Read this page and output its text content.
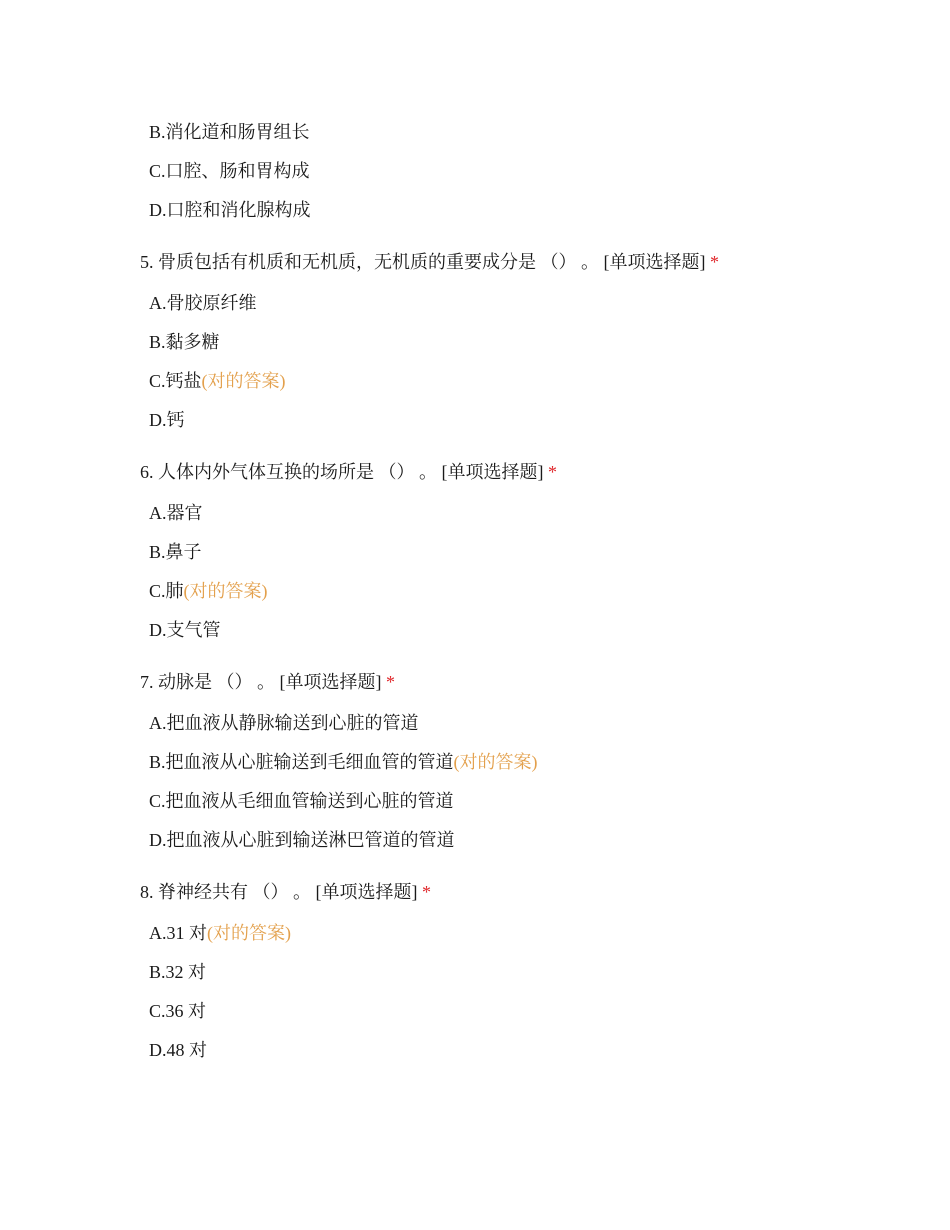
B.消化道和肠胃组长
C.口腔、肠和胃构成
D.口腔和消化腺构成
5. 骨质包括有机质和无机质，无机质的重要成分是 （） 。 [单项选择题] *
A.骨胶原纤维
B.黏多糖
C.钙盐(对的答案)
D.钙
6. 人体内外气体互换的场所是 （） 。 [单项选择题] *
A.器官
B.鼻子
C.肺(对的答案)
D.支气管
7. 动脉是 （） 。 [单项选择题] *
A.把血液从静脉输送到心脏的管道
B.把血液从心脏输送到毛细血管的管道(对的答案)
C.把血液从毛细血管输送到心脏的管道
D.把血液从心脏到输送淋巴管道的管道
8. 脊神经共有 （） 。 [单项选择题] *
A.31 对(对的答案)
B.32 对
C.36 对
D.48 对
